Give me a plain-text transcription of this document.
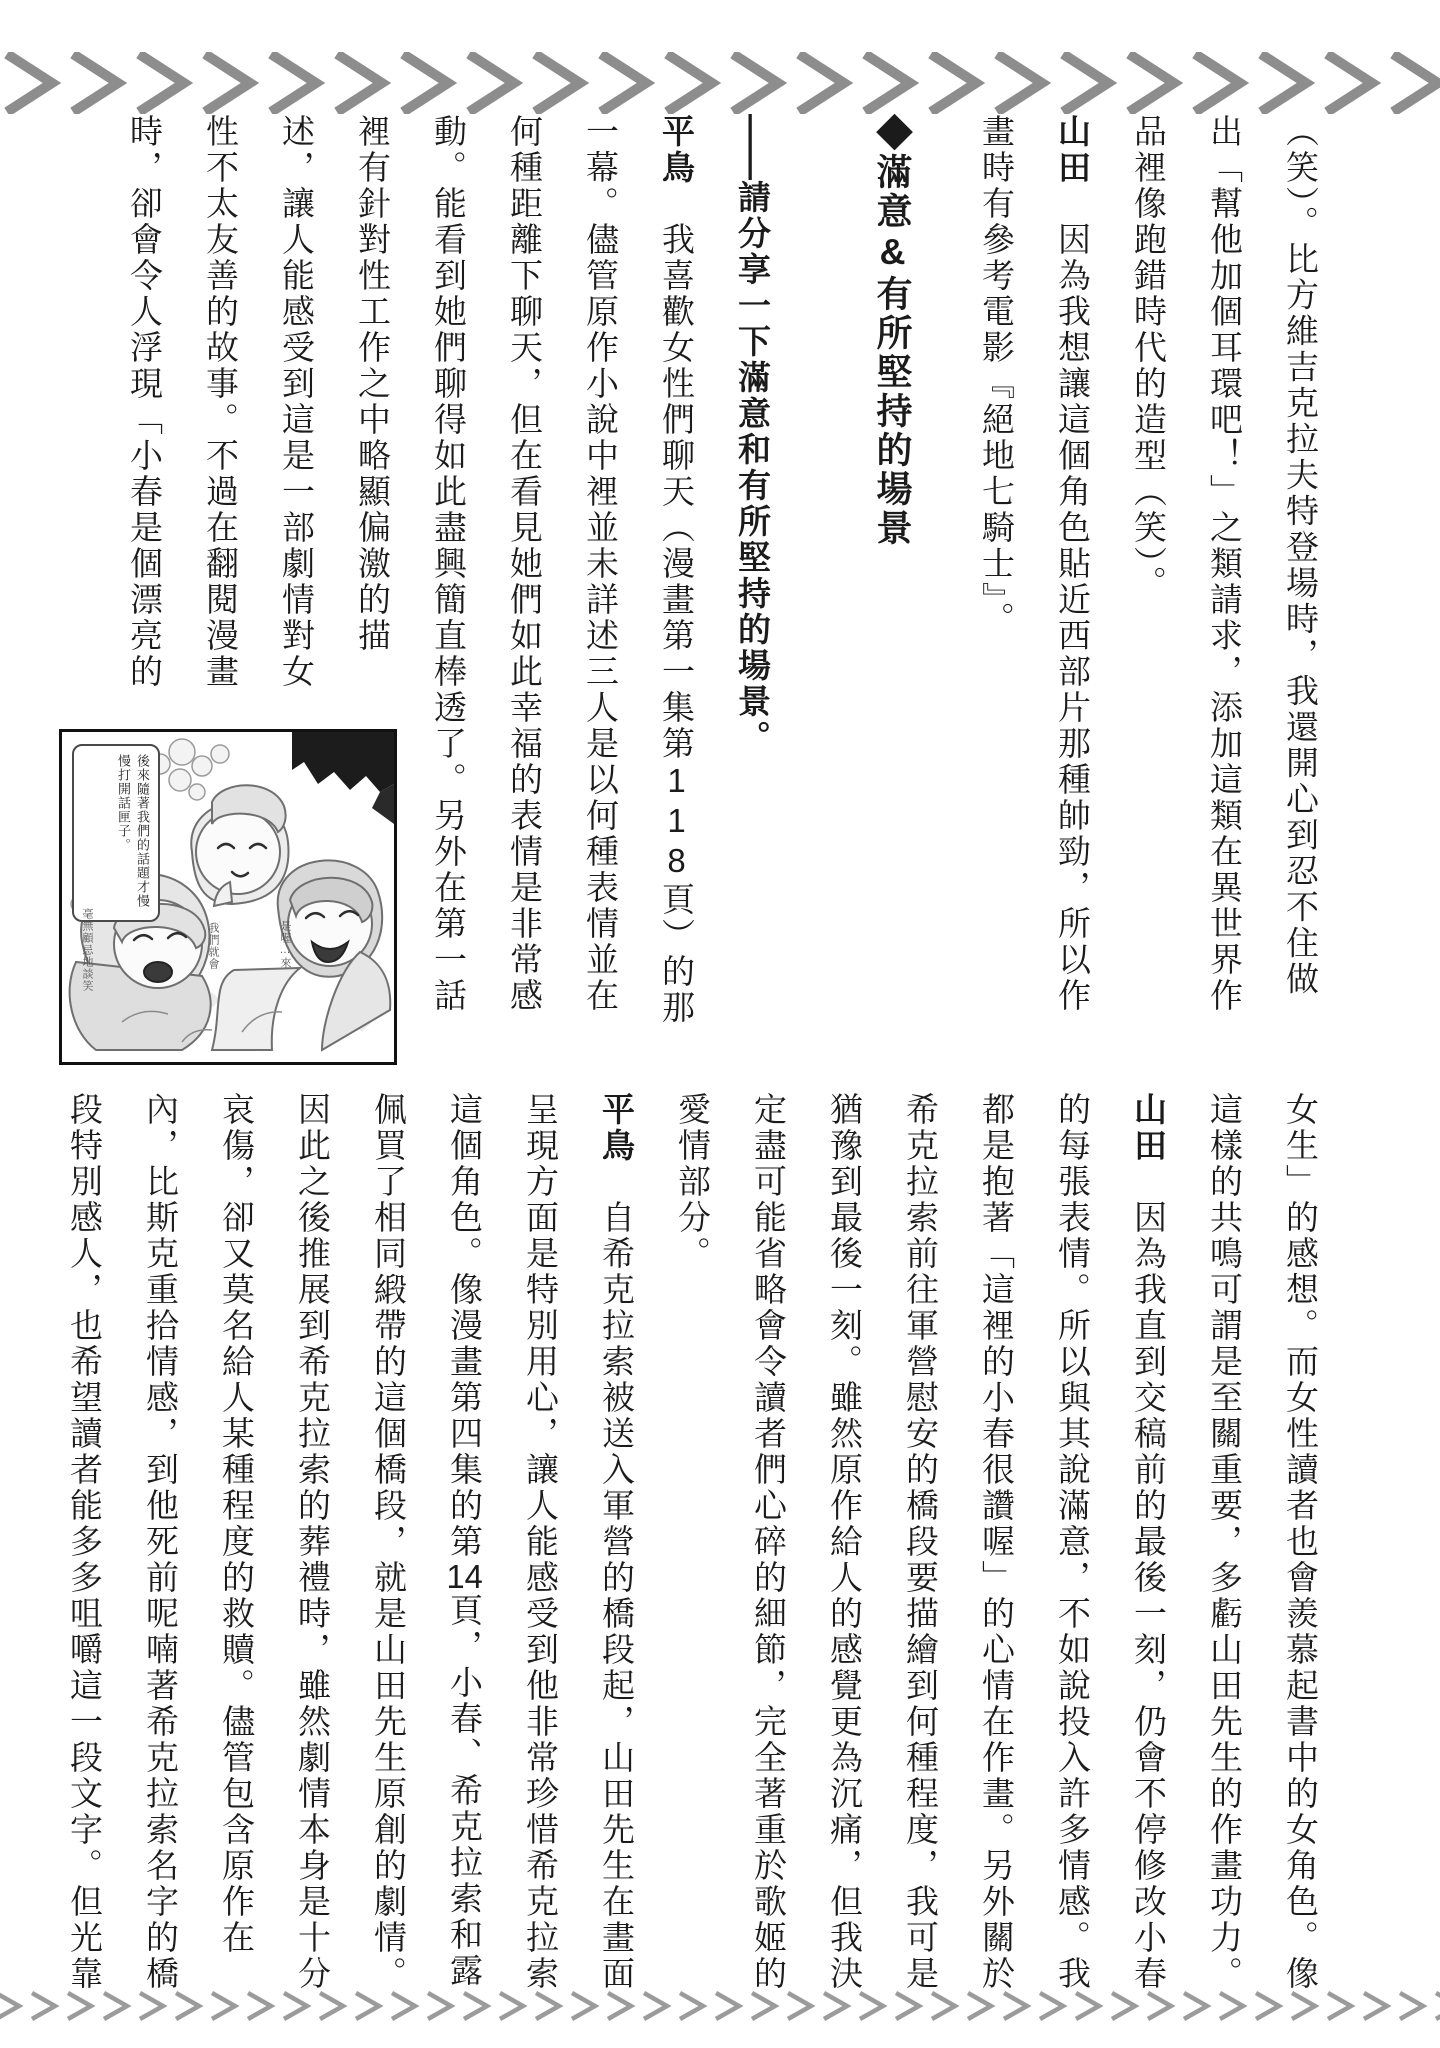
（笑）。比方維吉克拉夫特登場時，我還開心到忍不住做
出「幫他加個耳環吧！」之類請求，添加這類在異世界作
品裡像跑錯時代的造型（笑）。
山田　因為我想讓這個角色貼近西部片那種帥勁，所以作
畫時有參考電影『絕地七騎士』。
◆滿意&有所堅持的場景
——請分享一下滿意和有所堅持的場景。
平鳥　我喜歡女性們聊天（漫畫第一集第118頁）的那
一幕。儘管原作小說中裡並未詳述三人是以何種表情並在
何種距離下聊天，但在看見她們如此幸福的表情是非常感
動。能看到她們聊得如此盡興簡直棒透了。另外在第一話
裡有針對性工作之中略顯偏激的描
述，讓人能感受到這是一部劇情對女
性不太友善的故事。不過在翻閱漫畫
時，卻會令人浮現「小春是個漂亮的
女生」的感想。而女性讀者也會羨慕起書中的女角色。像
這樣的共鳴可謂是至關重要，多虧山田先生的作畫功力。
山田　因為我直到交稿前的最後一刻，仍會不停修改小春
的每張表情。所以與其說滿意，不如說投入許多情感。我
都是抱著「這裡的小春很讚喔」的心情在作畫。另外關於
希克拉索前往軍營慰安的橋段要描繪到何種程度，我可是
猶豫到最後一刻。雖然原作給人的感覺更為沉痛，但我決
定盡可能省略會令讀者們心碎的細節，完全著重於歌姬的
愛情部分。
平鳥　自希克拉索被送入軍營的橋段起，山田先生在畫面
呈現方面是特別用心，讓人能感受到他非常珍惜希克拉索
這個角色。像漫畫第四集的第14頁，小春、希克拉索和露
佩買了相同緞帶的這個橋段，就是山田先生原創的劇情。
因此之後推展到希克拉索的葬禮時，雖然劇情本身是十分
哀傷，卻又莫名給人某種程度的救贖。儘管包含原作在
內，比斯克重拾情感，到他死前呢喃著希克拉索名字的橋
段特別感人，也希望讀者能多多咀嚼這一段文字。但光靠
後來隨著我們的話題才慢慢打開話匣子。
毫無顧忌地談笑	我們就會	是喔…來
